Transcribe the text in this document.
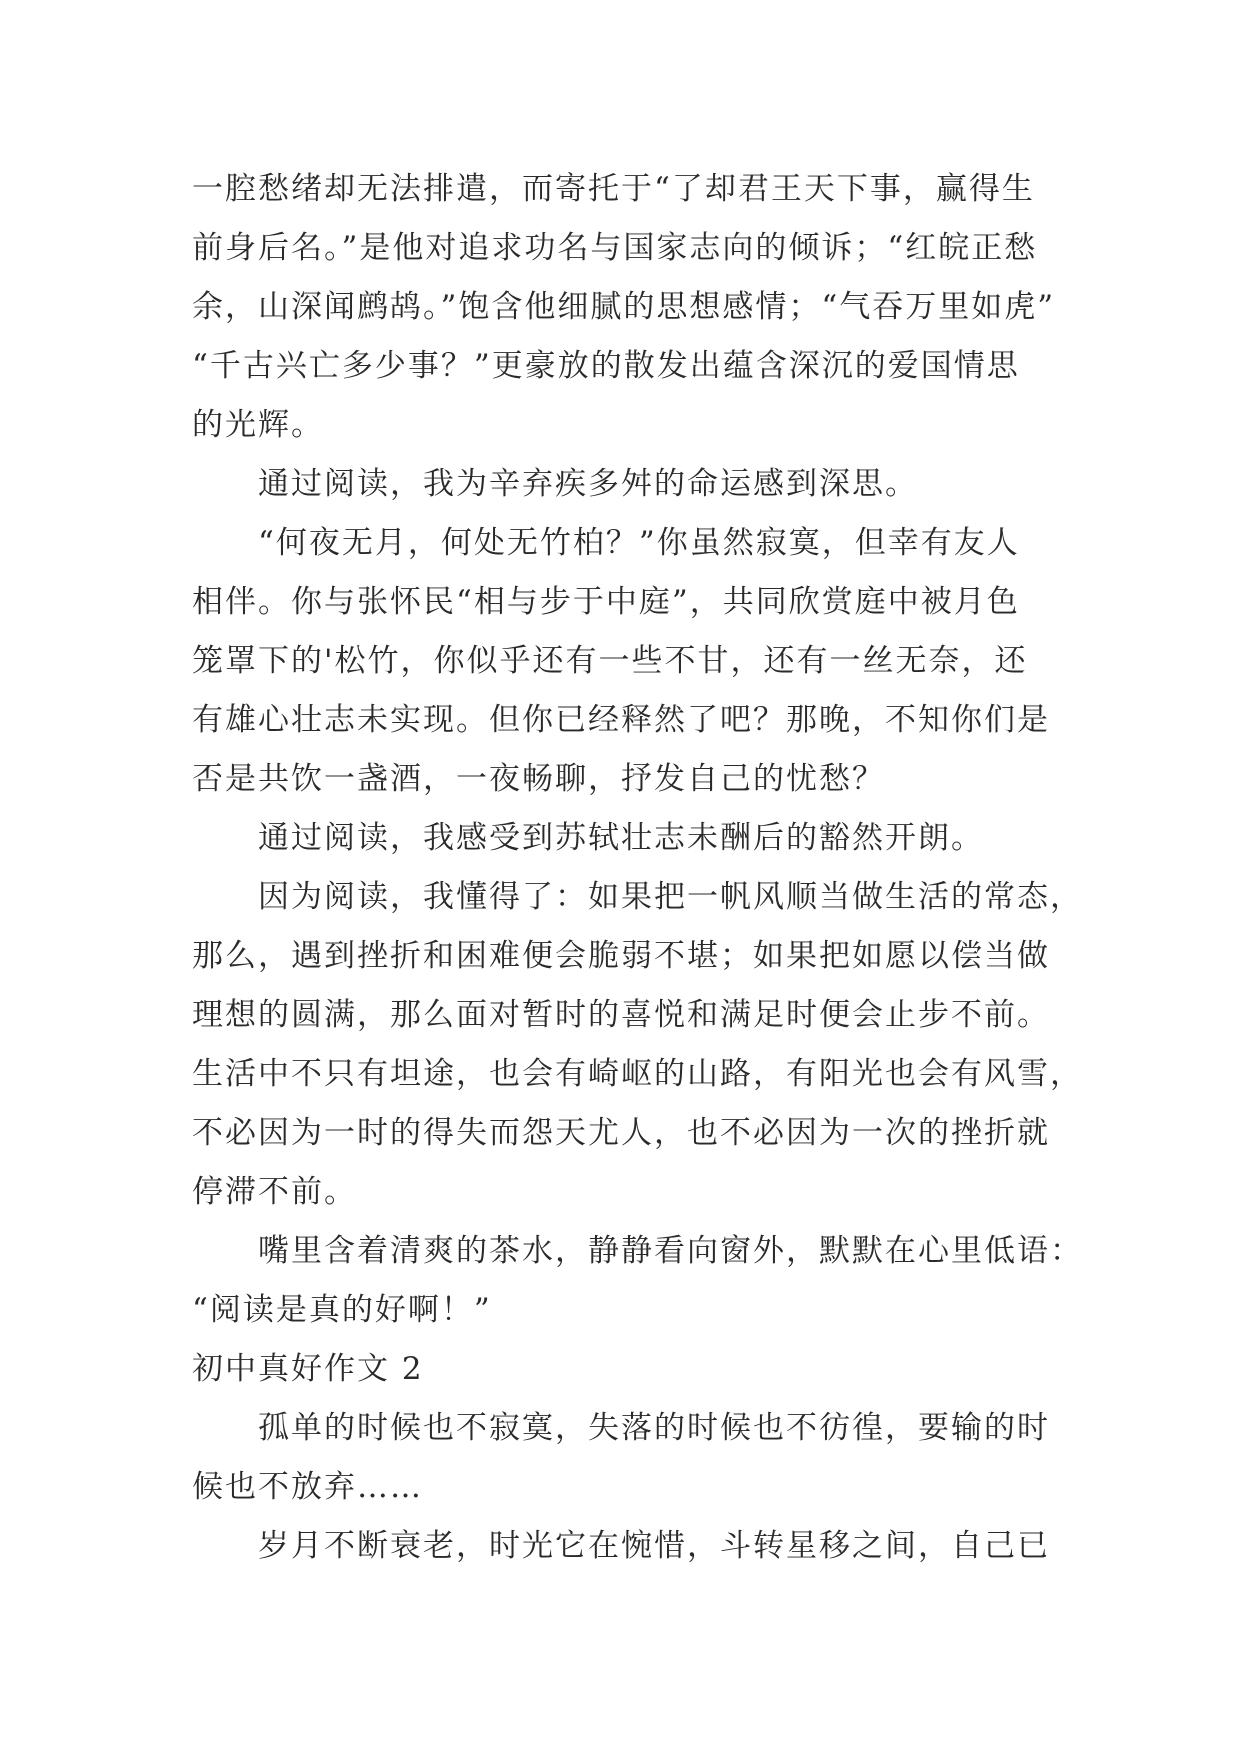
一腔愁绪却无法排遣，而寄托于“了却君王天下事，赢得生
前身后名。”是他对追求功名与国家志向的倾诉；“红皖正愁
余，山深闻鹧鸪。”饱含他细腻的思想感情；“气吞万里如虎”
“千古兴亡多少事？”更豪放的散发出蕴含深沉的爱国情思
的光辉。
通过阅读，我为辛弃疾多舛的命运感到深思。
“何夜无月，何处无竹柏？”你虽然寂寞，但幸有友人
相伴。你与张怀民“相与步于中庭”，共同欣赏庭中被月色
笼罩下的'松竹，你似乎还有一些不甘，还有一丝无奈，还
有雄心壮志未实现。但你已经释然了吧？那晚，不知你们是
否是共饮一盏酒，一夜畅聊，抒发自己的忧愁？
通过阅读，我感受到苏轼壮志未酬后的豁然开朗。
因为阅读，我懂得了：如果把一帆风顺当做生活的常态，
那么，遇到挫折和困难便会脆弱不堪；如果把如愿以偿当做
理想的圆满，那么面对暂时的喜悦和满足时便会止步不前。
生活中不只有坦途，也会有崎岖的山路，有阳光也会有风雪，
不必因为一时的得失而怨天尤人，也不必因为一次的挫折就
停滞不前。
嘴里含着清爽的茶水，静静看向窗外，默默在心里低语：
“阅读是真的好啊！”
初中真好作文 2
孤单的时候也不寂寞，失落的时候也不彷徨，要输的时
候也不放弃……
岁月不断衰老，时光它在惋惜，斗转星移之间，自己已
